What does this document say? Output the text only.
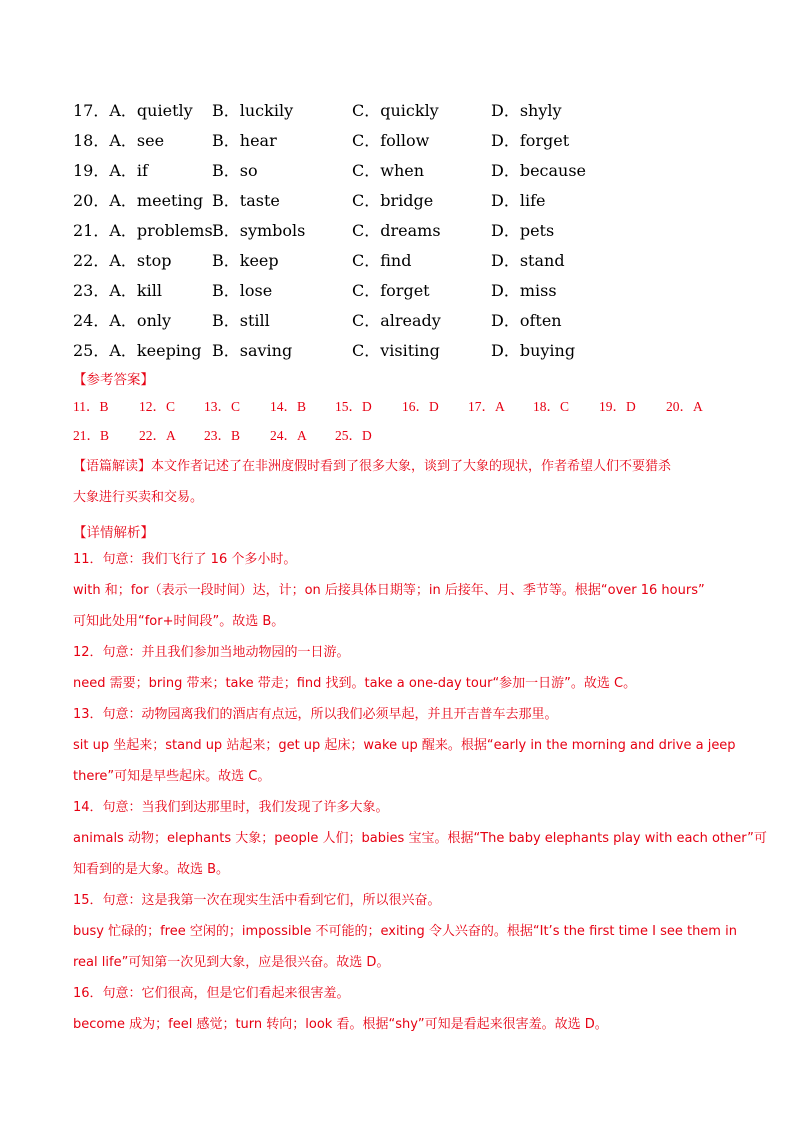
17．A．quietly B．luckily	C．quickly	D．shyly
18．A．see	B．hear	C．follow	D．forget
19．A．if	B．so	C．when	D．because
20．A．meeting B．taste	C．bridge	D．life
21．A．problems B．symbols	C．dreams	D．pets
22．A．stop	B．keep	C．find	D．stand
23．A．kill	B．lose	C．forget	D．miss
24．A．only	B．still	C．already	D．often
25．A．keeping B．saving	C．visiting	D．buying
【参考答案】
11．B 12．C 13．C 14．B 15．D 16．D 17．A 18．C 19．D 20．A
21．B 22．A 23．B 24．A 25．D
【语篇解读】本文作者记述了在非洲度假时看到了很多大象，谈到了大象的现状，作者希望人们不要猎杀
大象进行买卖和交易。
【详情解析】
11．句意：我们飞行了 16 个多小时。
with 和；for（表示一段时间）达，计；on 后接具体日期等；in 后接年、月、季节等。根据“over 16 hours”
可知此处用“for+时间段”。故选 B。
12．句意：并且我们参加当地动物园的一日游。
need 需要；bring 带来；take 带走；find 找到。take a one-day tour“参加一日游”。故选 C。
13．句意：动物园离我们的酒店有点远，所以我们必须早起，并且开吉普车去那里。
sit up 坐起来；stand up 站起来；get up 起床；wake up 醒来。根据“early in the morning and drive a jeep
there”可知是早些起床。故选 C。
14．句意：当我们到达那里时，我们发现了许多大象。
animals 动物；elephants 大象；people 人们；babies 宝宝。根据“The baby elephants play with each other”可
知看到的是大象。故选 B。
15．句意：这是我第一次在现实生活中看到它们，所以很兴奋。
busy 忙碌的；free 空闲的；impossible 不可能的；exiting 令人兴奋的。根据“It’s the first time I see them in
real life”可知第一次见到大象，应是很兴奋。故选 D。
16．句意：它们很高，但是它们看起来很害羞。
become 成为；feel 感觉；turn 转向；look 看。根据“shy”可知是看起来很害羞。故选 D。
